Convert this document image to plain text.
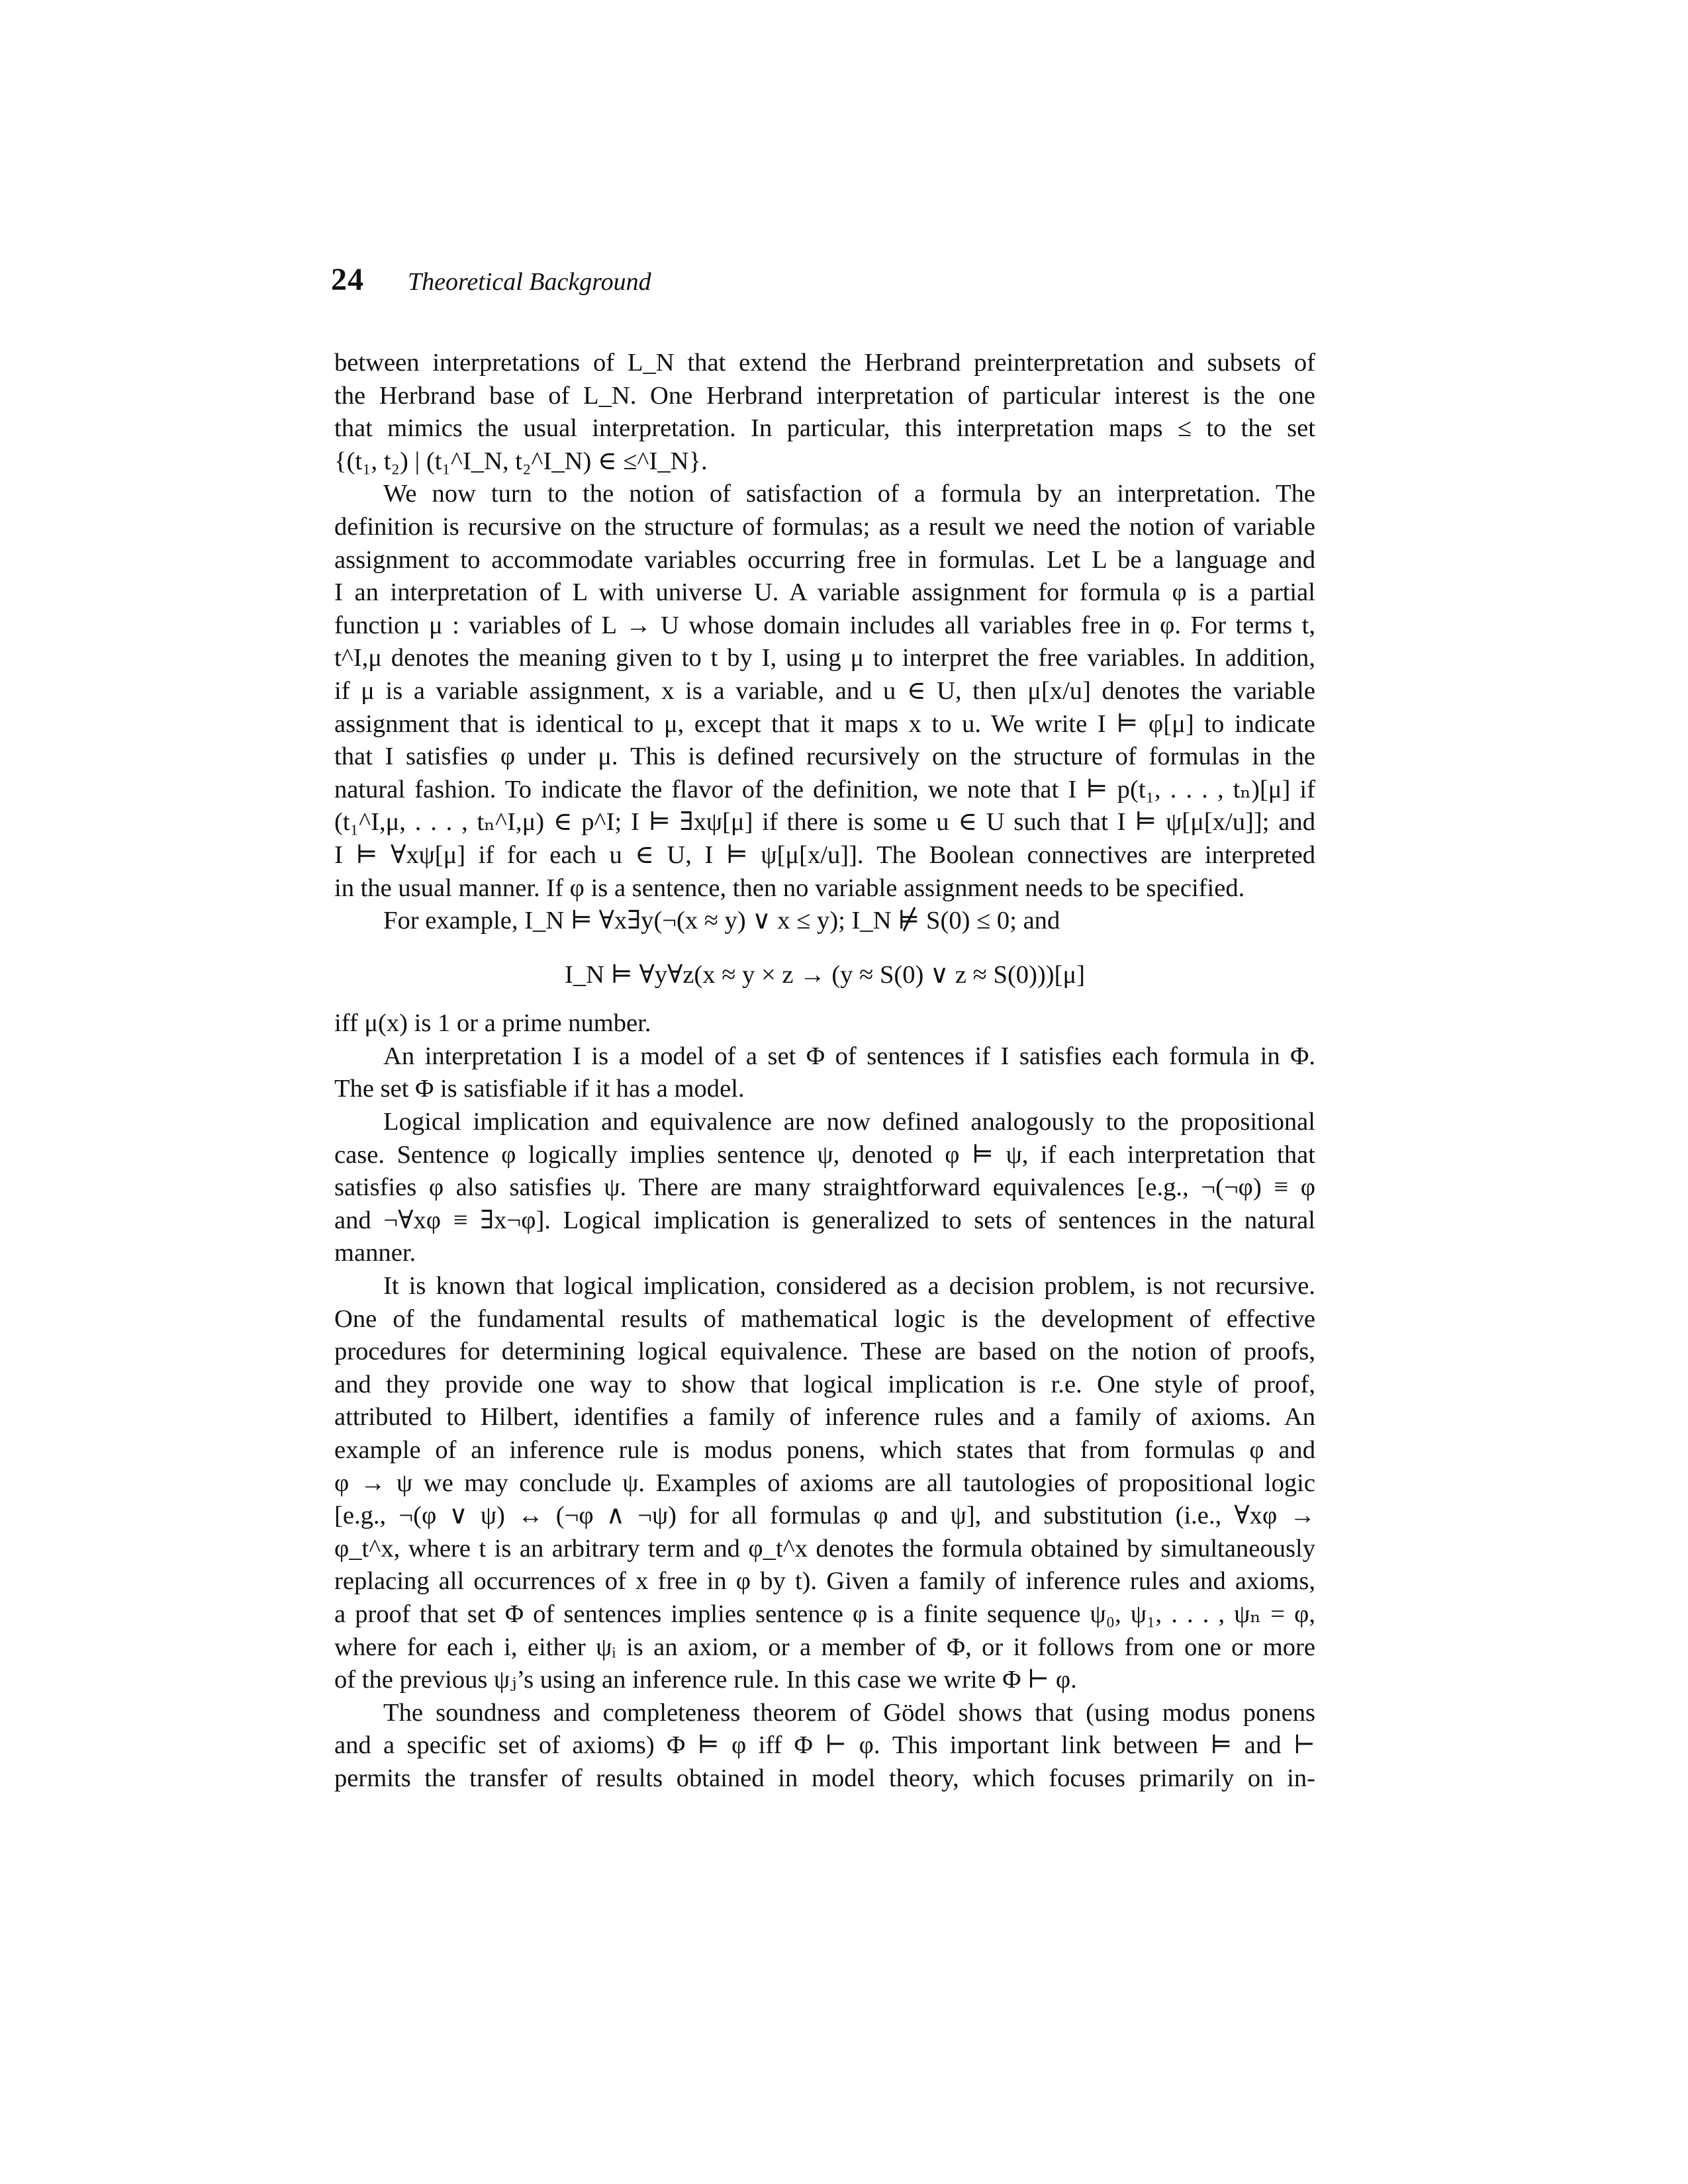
24 Theoretical Background
between interpretations of L_N that extend the Herbrand preinterpretation and subsets of
the Herbrand base of L_N. One Herbrand interpretation of particular interest is the one
that mimics the usual interpretation. In particular, this interpretation maps ≤ to the set
{(t₁, t₂) | (t₁^I_N, t₂^I_N) ∈ ≤^I_N}.
We now turn to the notion of satisfaction of a formula by an interpretation. The
definition is recursive on the structure of formulas; as a result we need the notion of variable
assignment to accommodate variables occurring free in formulas. Let L be a language and
I an interpretation of L with universe U. A variable assignment for formula φ is a partial
function μ : variables of L → U whose domain includes all variables free in φ. For terms t,
t^I,μ denotes the meaning given to t by I, using μ to interpret the free variables. In addition,
if μ is a variable assignment, x is a variable, and u ∈ U, then μ[x/u] denotes the variable
assignment that is identical to μ, except that it maps x to u. We write I ⊨ φ[μ] to indicate
that I satisfies φ under μ. This is defined recursively on the structure of formulas in the
natural fashion. To indicate the flavor of the definition, we note that I ⊨ p(t₁, . . . , tₙ)[μ] if
(t₁^I,μ, . . . , tₙ^I,μ) ∈ p^I; I ⊨ ∃xψ[μ] if there is some u ∈ U such that I ⊨ ψ[μ[x/u]]; and
I ⊨ ∀xψ[μ] if for each u ∈ U, I ⊨ ψ[μ[x/u]]. The Boolean connectives are interpreted
in the usual manner. If φ is a sentence, then no variable assignment needs to be specified.
For example, I_N ⊨ ∀x∃y(¬(x ≈ y) ∨ x ≤ y); I_N ⊭ S(0) ≤ 0; and
I_N ⊨ ∀y∀z(x ≈ y × z → (y ≈ S(0) ∨ z ≈ S(0)))[μ]
iff μ(x) is 1 or a prime number.
An interpretation I is a model of a set Φ of sentences if I satisfies each formula in Φ.
The set Φ is satisfiable if it has a model.
Logical implication and equivalence are now defined analogously to the propositional
case. Sentence φ logically implies sentence ψ, denoted φ ⊨ ψ, if each interpretation that
satisfies φ also satisfies ψ. There are many straightforward equivalences [e.g., ¬(¬φ) ≡ φ
and ¬∀xφ ≡ ∃x¬φ]. Logical implication is generalized to sets of sentences in the natural
manner.
It is known that logical implication, considered as a decision problem, is not recursive.
One of the fundamental results of mathematical logic is the development of effective
procedures for determining logical equivalence. These are based on the notion of proofs,
and they provide one way to show that logical implication is r.e. One style of proof,
attributed to Hilbert, identifies a family of inference rules and a family of axioms. An
example of an inference rule is modus ponens, which states that from formulas φ and
φ → ψ we may conclude ψ. Examples of axioms are all tautologies of propositional logic
[e.g., ¬(φ ∨ ψ) ↔ (¬φ ∧ ¬ψ) for all formulas φ and ψ], and substitution (i.e., ∀xφ →
φ_t^x, where t is an arbitrary term and φ_t^x denotes the formula obtained by simultaneously
replacing all occurrences of x free in φ by t). Given a family of inference rules and axioms,
a proof that set Φ of sentences implies sentence φ is a finite sequence ψ₀, ψ₁, . . . , ψₙ = φ,
where for each i, either ψᵢ is an axiom, or a member of Φ, or it follows from one or more
of the previous ψⱼ’s using an inference rule. In this case we write Φ ⊢ φ.
The soundness and completeness theorem of Gödel shows that (using modus ponens
and a specific set of axioms) Φ ⊨ φ iff Φ ⊢ φ. This important link between ⊨ and ⊢
permits the transfer of results obtained in model theory, which focuses primarily on in-
